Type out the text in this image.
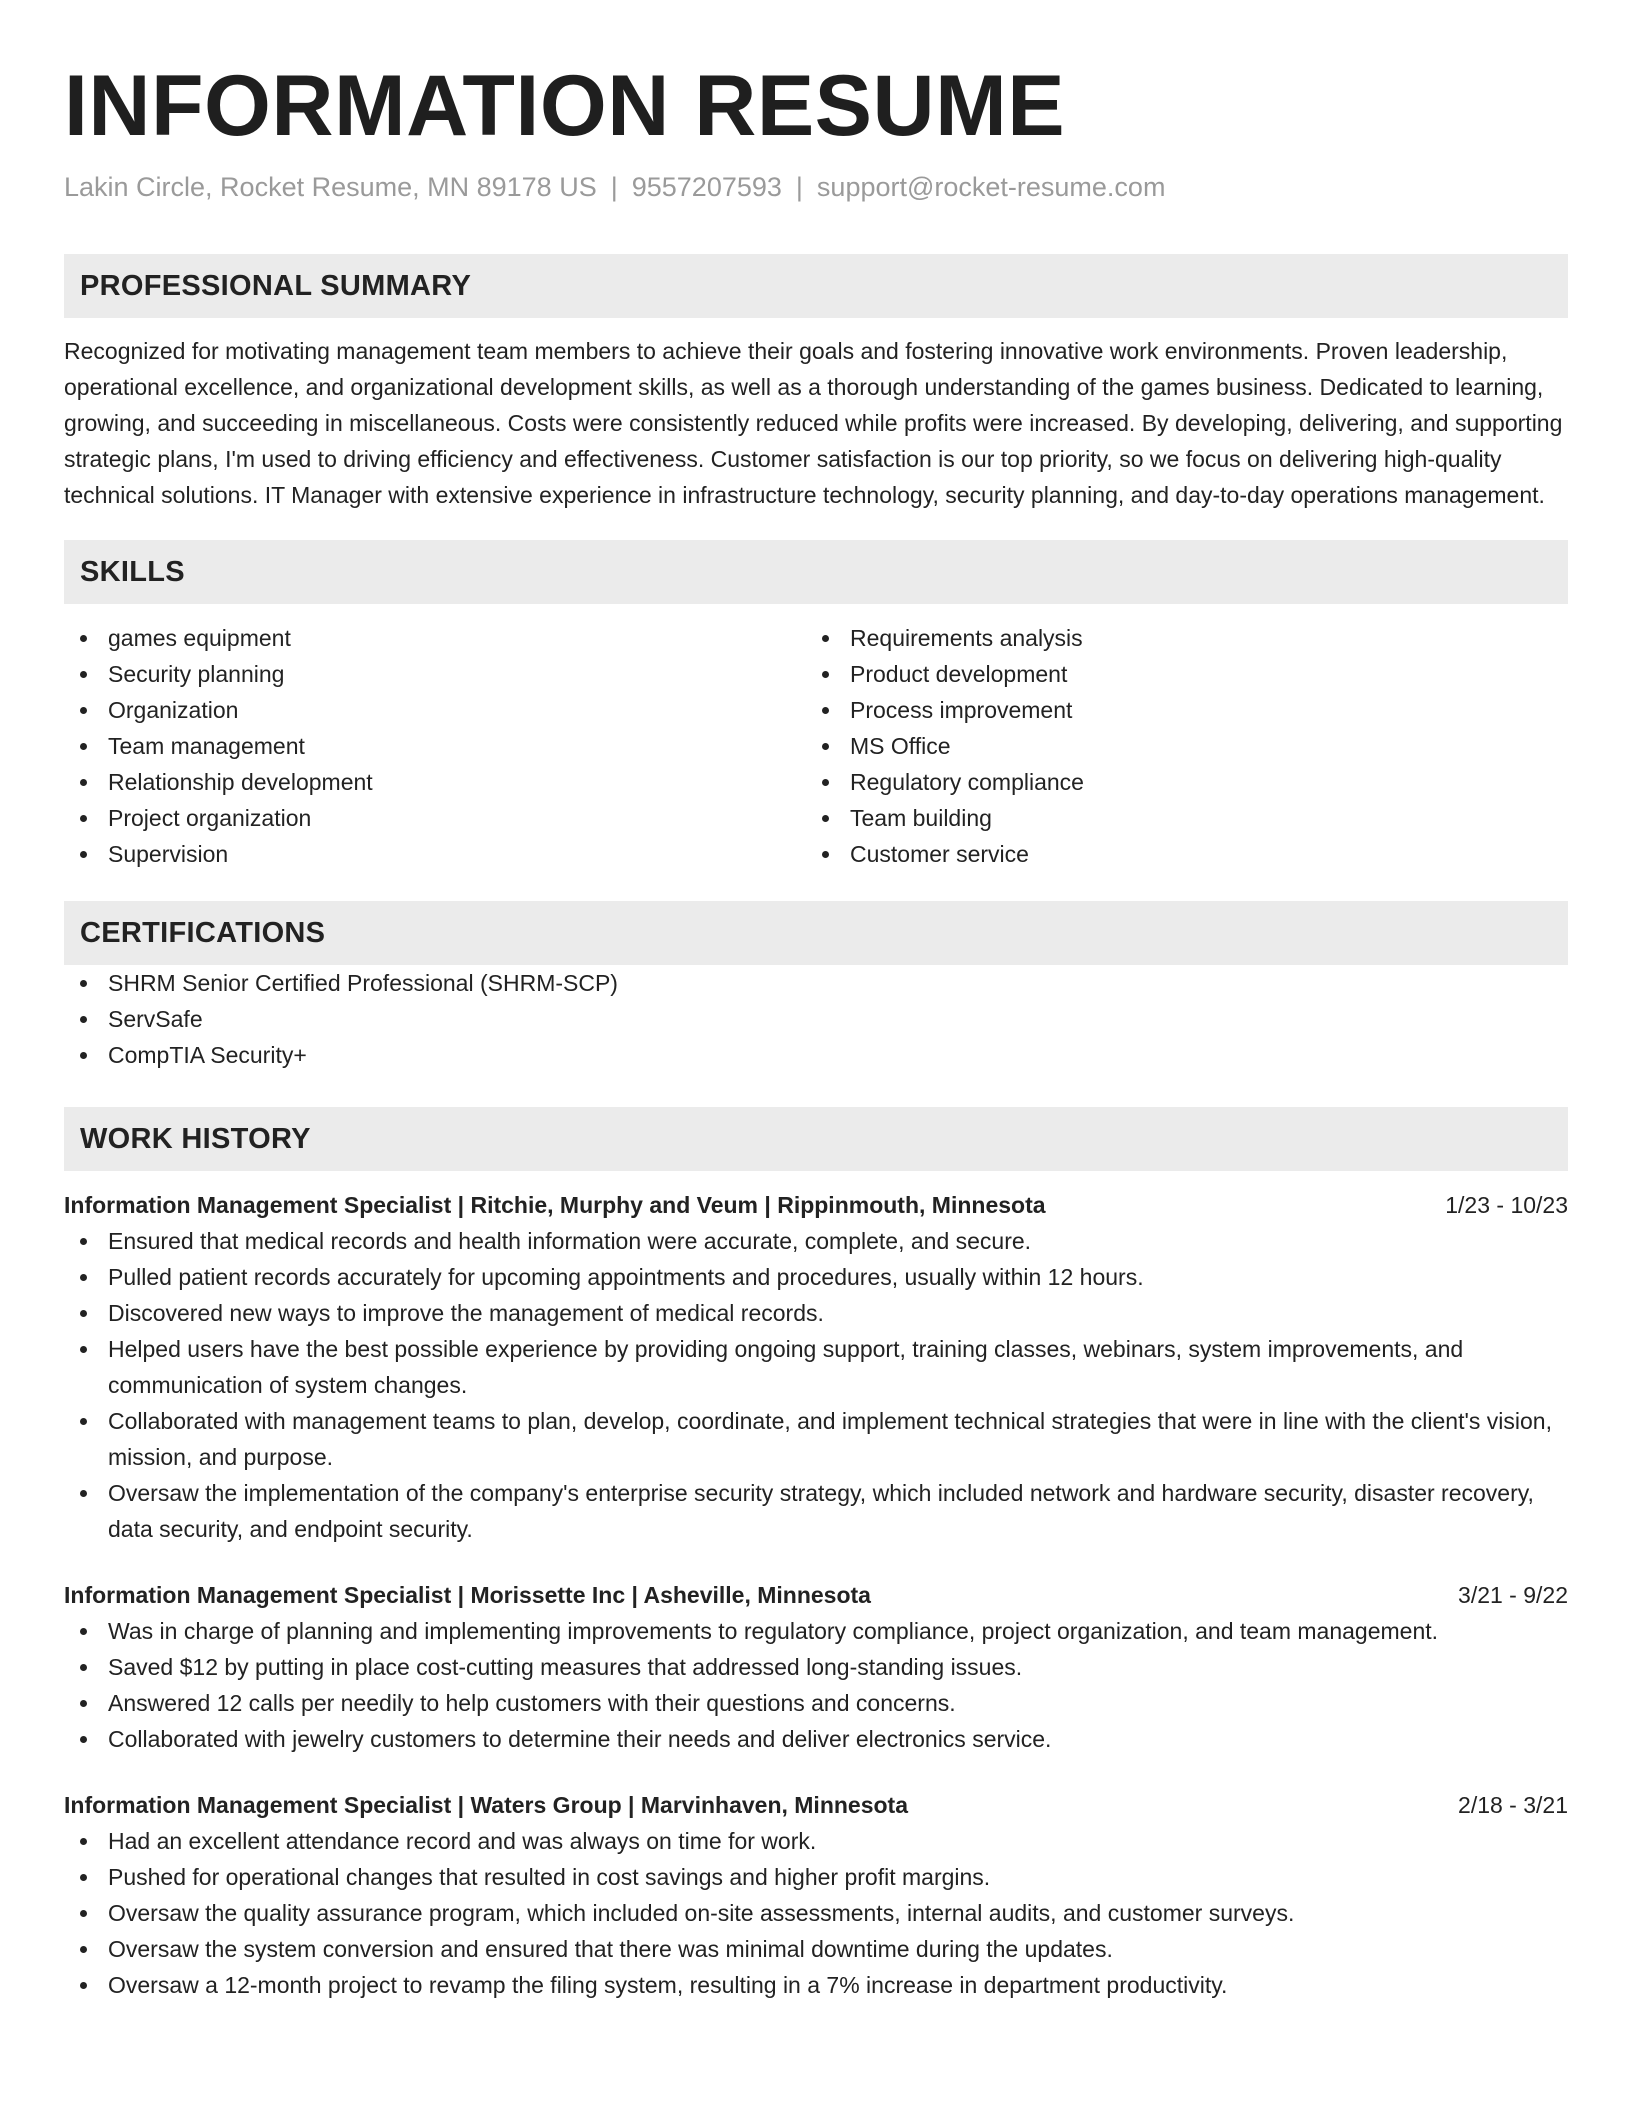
INFORMATION RESUME
Lakin Circle, Rocket Resume, MN 89178 US | 9557207593 | support@rocket-resume.com
PROFESSIONAL SUMMARY

Recognized for motivating management team members to achieve their goals and fostering innovative work environments. Proven leadership, operational excellence, and organizational development skills, as well as a thorough understanding of the games business. Dedicated to learning, growing, and succeeding in miscellaneous. Costs were consistently reduced while profits were increased. By developing, delivering, and supporting strategic plans, I'm used to driving efficiency and effectiveness. Customer satisfaction is our top priority, so we focus on delivering high-quality technical solutions. IT Manager with extensive experience in infrastructure technology, security planning, and day-to-day operations management.

SKILLS
games equipment
Security planning
Organization
Team management
Relationship development
Project organization
Supervision
Requirements analysis
Product development
Process improvement
MS Office
Regulatory compliance
Team building
Customer service
CERTIFICATIONS
SHRM Senior Certified Professional (SHRM-SCP)
ServSafe
CompTIA Security+
WORK HISTORY
Information Management Specialist | Ritchie, Murphy and Veum | Rippinmouth, Minnesota	1/23 - 10/23
Ensured that medical records and health information were accurate, complete, and secure.
Pulled patient records accurately for upcoming appointments and procedures, usually within 12 hours.
Discovered new ways to improve the management of medical records.
Helped users have the best possible experience by providing ongoing support, training classes, webinars, system improvements, and communication of system changes.
Collaborated with management teams to plan, develop, coordinate, and implement technical strategies that were in line with the client's vision, mission, and purpose.
Oversaw the implementation of the company's enterprise security strategy, which included network and hardware security, disaster recovery, data security, and endpoint security.
Information Management Specialist | Morissette Inc | Asheville, Minnesota	3/21 - 9/22
Was in charge of planning and implementing improvements to regulatory compliance, project organization, and team management.
Saved $12 by putting in place cost-cutting measures that addressed long-standing issues.
Answered 12 calls per needily to help customers with their questions and concerns.
Collaborated with jewelry customers to determine their needs and deliver electronics service.
Information Management Specialist | Waters Group | Marvinhaven, Minnesota	2/18 - 3/21
Had an excellent attendance record and was always on time for work.
Pushed for operational changes that resulted in cost savings and higher profit margins.
Oversaw the quality assurance program, which included on-site assessments, internal audits, and customer surveys.
Oversaw the system conversion and ensured that there was minimal downtime during the updates.
Oversaw a 12-month project to revamp the filing system, resulting in a 7% increase in department productivity.
